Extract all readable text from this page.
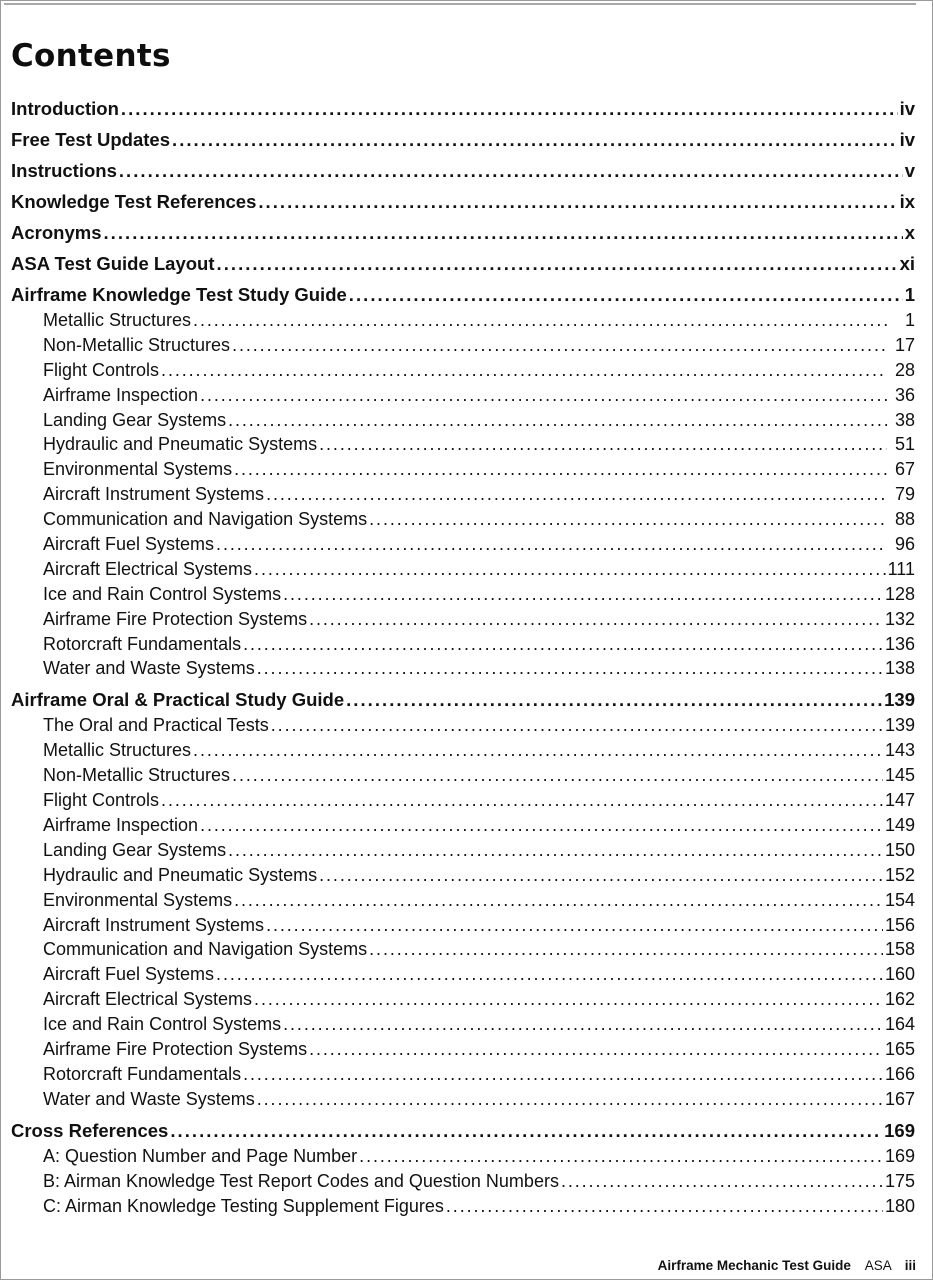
Contents
Introduction . . .	iv
Free Test Updates . . .	iv
Instructions . . .	v
Knowledge Test References . . .	ix
Acronyms . . .	x
ASA Test Guide Layout . . .	xi
Airframe Knowledge Test Study Guide . . .	1
Metallic Structures . . .	1
Non-Metallic Structures . . .	17
Flight Controls . . .	28
Airframe Inspection . . .	36
Landing Gear Systems . . .	38
Hydraulic and Pneumatic Systems . . .	51
Environmental Systems . . .	67
Aircraft Instrument Systems . . .	79
Communication and Navigation Systems . . .	88
Aircraft Fuel Systems . . .	96
Aircraft Electrical Systems . . .	111
Ice and Rain Control Systems . . .	128
Airframe Fire Protection Systems . . .	132
Rotorcraft Fundamentals . . .	136
Water and Waste Systems . . .	138
Airframe Oral & Practical Study Guide . . .	139
The Oral and Practical Tests . . .	139
Metallic Structures . . .	143
Non-Metallic Structures . . .	145
Flight Controls . . .	147
Airframe Inspection . . .	149
Landing Gear Systems . . .	150
Hydraulic and Pneumatic Systems . . .	152
Environmental Systems . . .	154
Aircraft Instrument Systems . . .	156
Communication and Navigation Systems . . .	158
Aircraft Fuel Systems . . .	160
Aircraft Electrical Systems . . .	162
Ice and Rain Control Systems . . .	164
Airframe Fire Protection Systems . . .	165
Rotorcraft Fundamentals . . .	166
Water and Waste Systems . . .	167
Cross References . . .	169
A: Question Number and Page Number . . .	169
B: Airman Knowledge Test Report Codes and Question Numbers . . .	175
C: Airman Knowledge Testing Supplement Figures . . .	180
Airframe Mechanic Test Guide ASA iii
